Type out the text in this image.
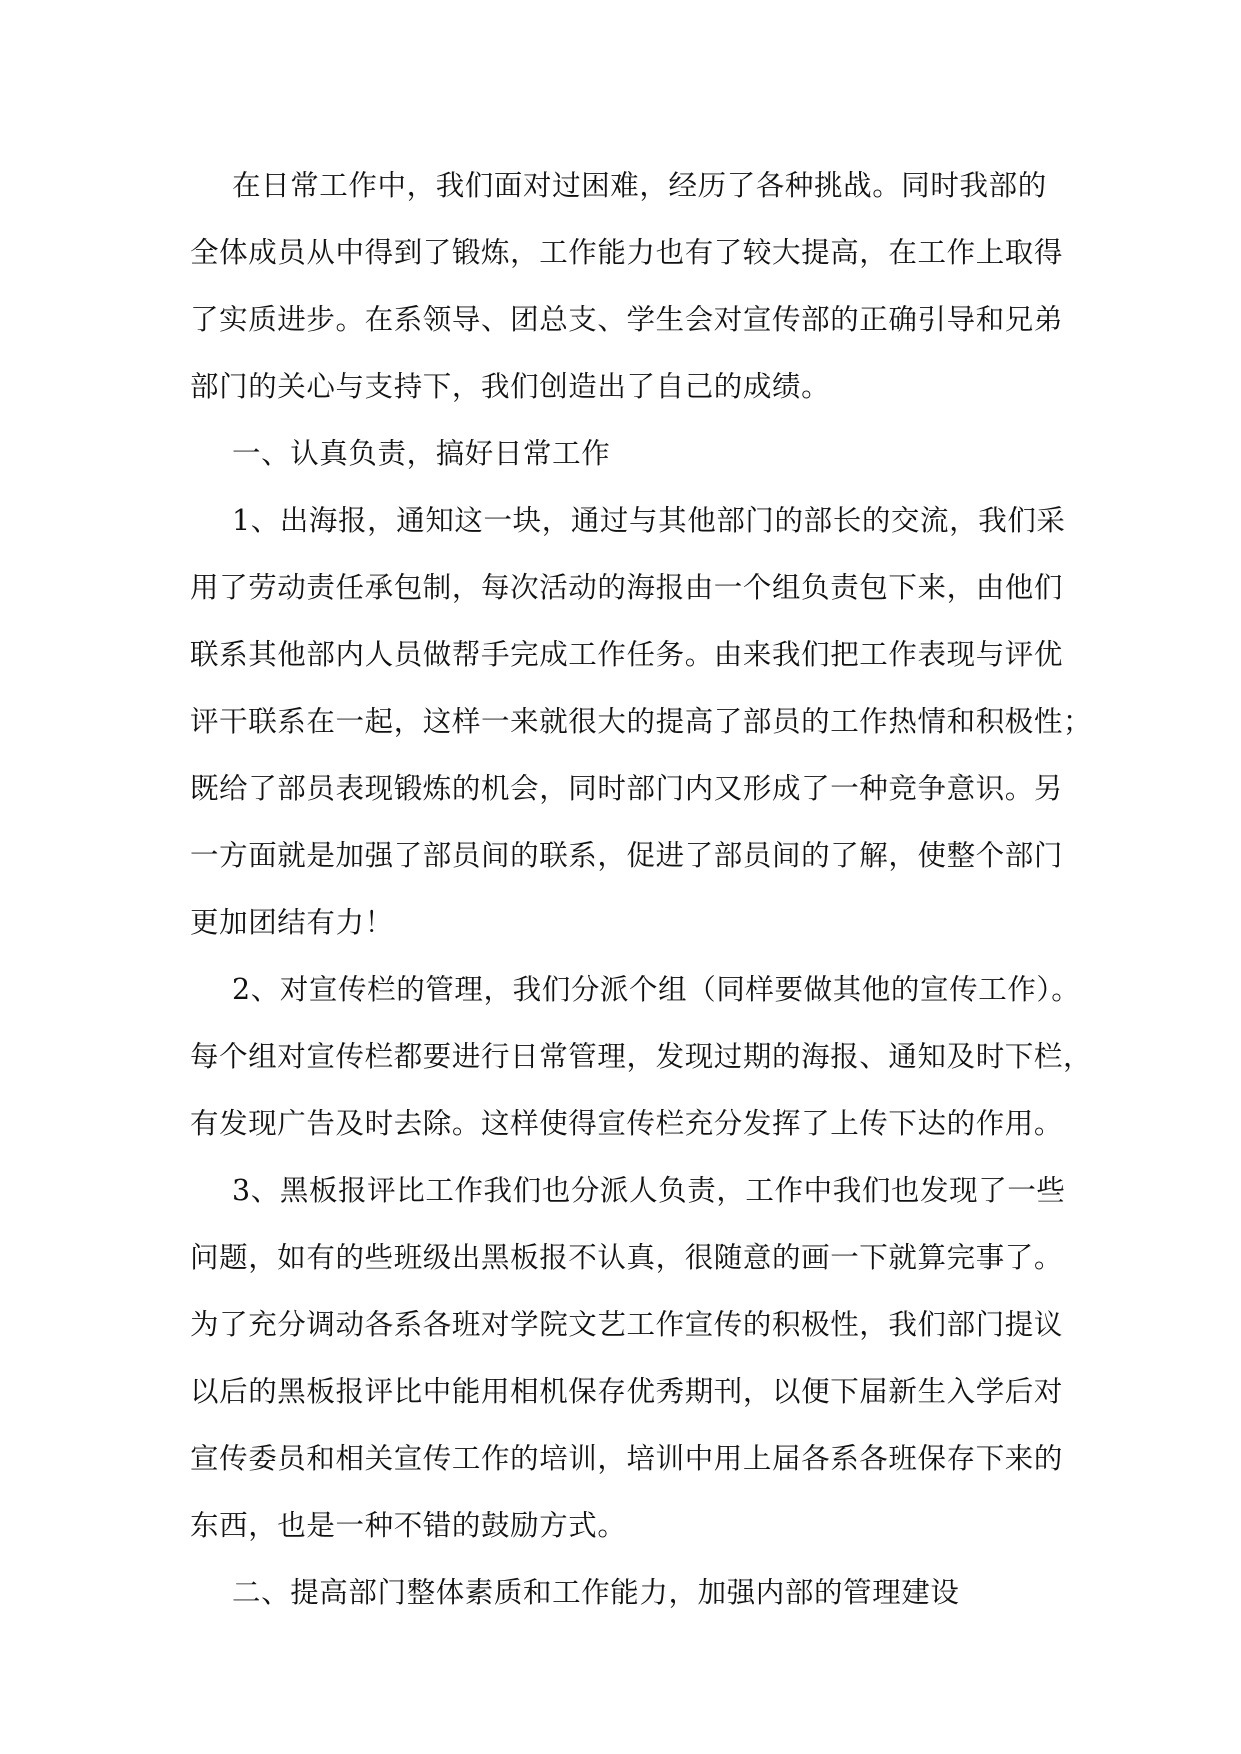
在日常工作中，我们面对过困难，经历了各种挑战。同时我部的
全体成员从中得到了锻炼，工作能力也有了较大提高，在工作上取得
了实质进步。在系领导、团总支、学生会对宣传部的正确引导和兄弟
部门的关心与支持下，我们创造出了自己的成绩。
一、认真负责，搞好日常工作
1、出海报，通知这一块，通过与其他部门的部长的交流，我们采
用了劳动责任承包制，每次活动的海报由一个组负责包下来，由他们
联系其他部内人员做帮手完成工作任务。由来我们把工作表现与评优
评干联系在一起，这样一来就很大的提高了部员的工作热情和积极性；
既给了部员表现锻炼的机会，同时部门内又形成了一种竞争意识。另
一方面就是加强了部员间的联系，促进了部员间的了解，使整个部门
更加团结有力！
2、对宣传栏的管理，我们分派个组（同样要做其他的宣传工作）。
每个组对宣传栏都要进行日常管理，发现过期的海报、通知及时下栏，
有发现广告及时去除。这样使得宣传栏充分发挥了上传下达的作用。
3、黑板报评比工作我们也分派人负责，工作中我们也发现了一些
问题，如有的些班级出黑板报不认真，很随意的画一下就算完事了。
为了充分调动各系各班对学院文艺工作宣传的积极性，我们部门提议
以后的黑板报评比中能用相机保存优秀期刊，以便下届新生入学后对
宣传委员和相关宣传工作的培训，培训中用上届各系各班保存下来的
东西，也是一种不错的鼓励方式。
二、提高部门整体素质和工作能力，加强内部的管理建设
